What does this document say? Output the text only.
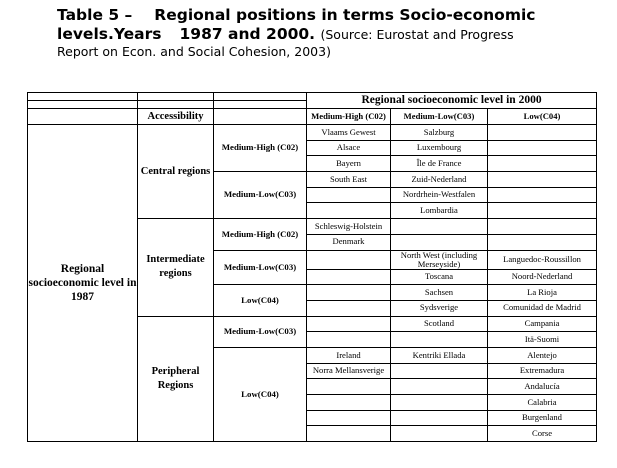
Table 5 – Regional positions in terms Socio-economic
levels.Years 1987 and 2000. (Source: Eurostat and Progress
Report on Econ. and Social Cohesion, 2003)
			Regional socioeconomic level in 2000		

	Accessibility		Medium-High (C02)	Medium-Low(C03)	Low(C04)
Regional socioeconomic level in 1987	Central regions	Medium-High (C02)	Vlaams Gewest	Salzburg	
			Alsace	Luxembourg	
			Bayern	Île de France	
		Medium-Low(C03)	South East	Zuid-Nederland	
				Nordrhein-Westfalen	
				Lombardia	
	Intermediate regions	Medium-High (C02)	Schleswig-Holstein		
			Denmark		
		Medium-Low(C03)		North West (including Merseyside)	Languedoc-Roussillon
				Toscana	Noord-Nederland
		Low(C04)		Sachsen	La Rioja
				Sydsverige	Comunidad de Madrid
	Peripheral Regions	Medium-Low(C03)		Scotland	Campania
					Itä-Suomi
		Low(C04)	Ireland	Kentriki Ellada	Alentejo
			Norra Mellansverige		Extremadura
					Andalucía
					Calabria
					Burgenland
					Corse
